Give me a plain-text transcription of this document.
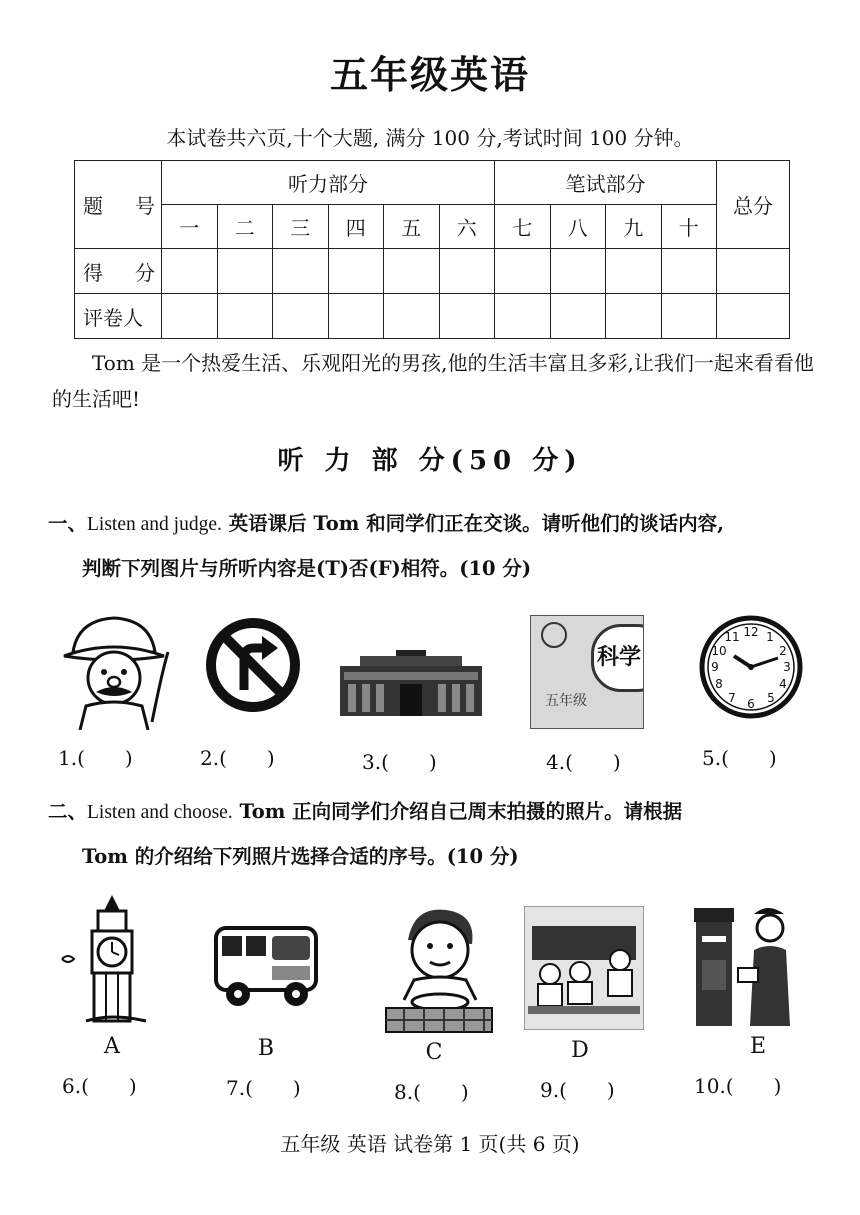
五年级英语
本试卷共六页,十个大题, 满分 100 分,考试时间 100 分钟。
题　号	听力部分						笔试部分				总分
	一	二	三	四	五	六	七	八	九	十	
得　分											
评卷人											
Tom 是一个热爱生活、乐观阳光的男孩,他的生活丰富且多彩,让我们一起来看看他的生活吧!
听 力 部 分(50 分)
一、Listen and judge. 英语课后 Tom 和同学们正在交谈。请听他们的谈话内容,
判断下列图片与所听内容是(T)否(F)相符。(10 分)
科学
五年级
12 1
2
3
4
5
6
7
8
9
10
11
1.(　　)	2.(　　)	3.(　　)	4.(　　)	5.(　　)
二、Listen and choose. Tom 正向同学们介绍自己周末拍摄的照片。请根据
Tom 的介绍给下列照片选择合适的序号。(10 分)
A	B	C	D	E
6.(　　)	7.(　　)	8.(　　)	9.(　　)	10.(　　)
五年级 英语 试卷第 1 页(共 6 页)
